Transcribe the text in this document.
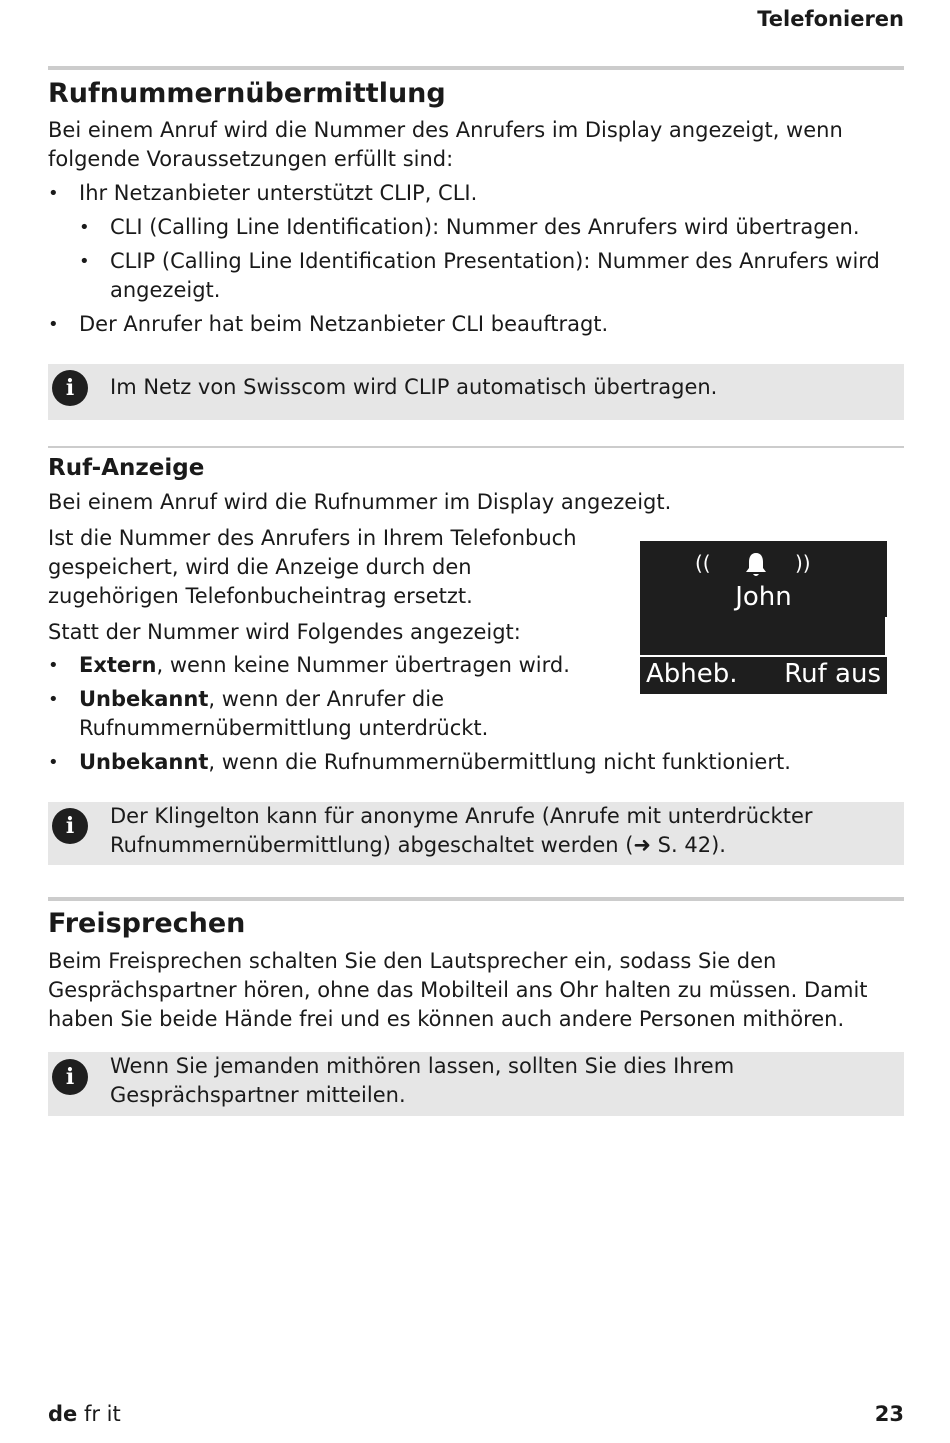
Telefonieren
Rufnummernübermittlung

Bei einem Anruf wird die Nummer des Anrufers im Display angezeigt, wenn folgende Voraussetzungen erfüllt sind:

• Ihr Netzanbieter unterstützt CLIP, CLI.
• CLI (Calling Line Identification): Nummer des Anrufers wird übertragen.
• CLIP (Calling Line Identification Presentation): Nummer des Anrufers wird angezeigt.
• Der Anrufer hat beim Netzanbieter CLI beauftragt.
i	Im Netz von Swisscom wird CLIP automatisch übertragen.
Ruf-Anzeige

Bei einem Anruf wird die Rufnummer im Display angezeigt.

Ist die Nummer des Anrufers in Ihrem Telefonbuch gespeichert, wird die Anzeige durch den zugehörigen Telefonbucheintrag ersetzt.

Statt der Nummer wird Folgendes angezeigt:

• Extern, wenn keine Nummer übertragen wird.
• Unbekannt, wenn der Anrufer die Rufnummernübermittlung unterdrückt.
• Unbekannt, wenn die Rufnummernübermittlung nicht funktioniert.
((	))
John
Abheb. Ruf aus
i	Der Klingelton kann für anonyme Anrufe (Anrufe mit unterdrückter Rufnummernübermittlung) abgeschaltet werden (➜ S. 42).
Freisprechen

Beim Freisprechen schalten Sie den Lautsprecher ein, sodass Sie den Gesprächspartner hören, ohne das Mobilteil ans Ohr halten zu müssen. Damit haben Sie beide Hände frei und es können auch andere Personen mithören.

i	Wenn Sie jemanden mithören lassen, sollten Sie dies Ihrem Gesprächspartner mitteilen.
de fr it	23
